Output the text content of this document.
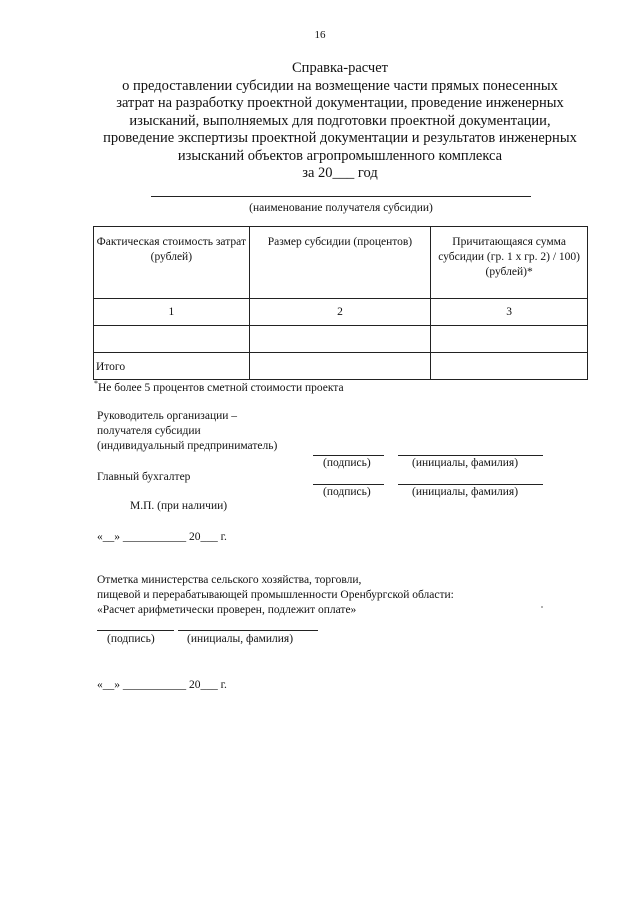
16
Справка-расчет
о предоставлении субсидии на возмещение части прямых понесенных
затрат на разработку проектной документации, проведение инженерных
изысканий, выполняемых для подготовки проектной документации,
проведение экспертизы проектной документации и результатов инженерных
изысканий объектов агропромышленного комплекса
за 20___ год
(наименование получателя субсидии)
Фактическая стоимость затрат (рублей)	Размер субсидии (процентов)	Причитающаяся сумма субсидии (гр. 1 х гр. 2) / 100) (рублей)*
1	2	3

Итого		

*Не более 5 процентов сметной стоимости проекта
Руководитель организации –
получателя субсидии
(индивидуальный предприниматель)
(подпись)	(инициалы, фамилия)
Главный бухгалтер
(подпись)	(инициалы, фамилия)
М.П. (при наличии)
«__» ___________ 20___ г.
Отметка министерства сельского хозяйства, торговли,
пищевой и перерабатывающей промышленности Оренбургской области:
«Расчет арифметически проверен, подлежит оплате»
(подпись)	(инициалы, фамилия)
«__» ___________ 20___ г.
